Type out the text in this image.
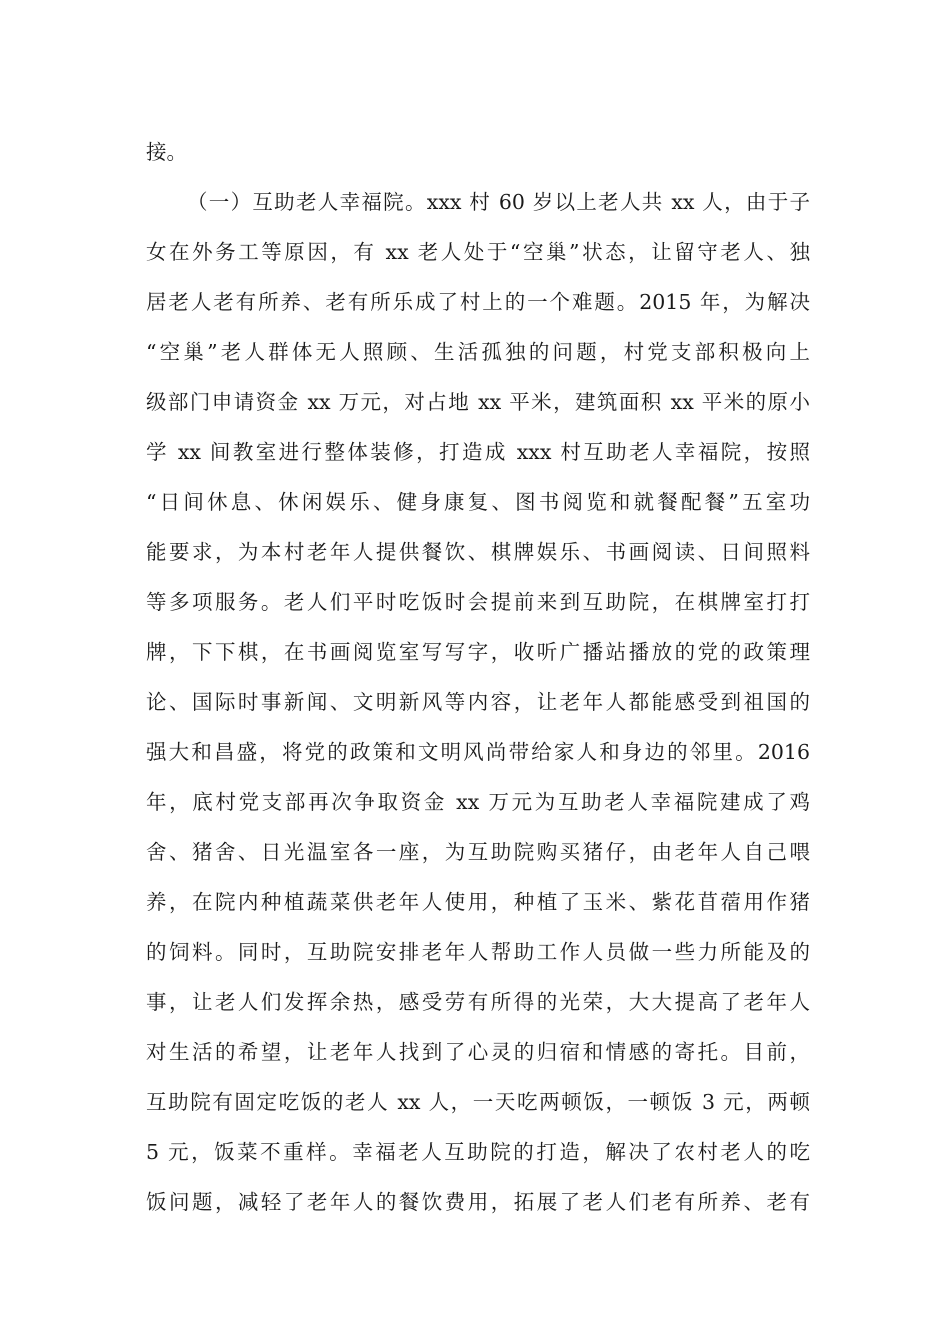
接。
（一）互助老人幸福院。xxx 村 60 岁以上老人共 xx 人，由于子
女在外务工等原因，有 xx 老人处于“空巢”状态，让留守老人、独
居老人老有所养、老有所乐成了村上的一个难题。2015 年，为解决
“空巢”老人群体无人照顾、生活孤独的问题，村党支部积极向上
级部门申请资金 xx 万元，对占地 xx 平米，建筑面积 xx 平米的原小
学 xx 间教室进行整体装修，打造成 xxx 村互助老人幸福院，按照
“日间休息、休闲娱乐、健身康复、图书阅览和就餐配餐”五室功
能要求，为本村老年人提供餐饮、棋牌娱乐、书画阅读、日间照料
等多项服务。老人们平时吃饭时会提前来到互助院，在棋牌室打打
牌，下下棋，在书画阅览室写写字，收听广播站播放的党的政策理
论、国际时事新闻、文明新风等内容，让老年人都能感受到祖国的
强大和昌盛，将党的政策和文明风尚带给家人和身边的邻里。2016
年，底村党支部再次争取资金 xx 万元为互助老人幸福院建成了鸡
舍、猪舍、日光温室各一座，为互助院购买猪仔，由老年人自己喂
养，在院内种植蔬菜供老年人使用，种植了玉米、紫花苜蓿用作猪
的饲料。同时，互助院安排老年人帮助工作人员做一些力所能及的
事，让老人们发挥余热，感受劳有所得的光荣，大大提高了老年人
对生活的希望，让老年人找到了心灵的归宿和情感的寄托。目前，
互助院有固定吃饭的老人 xx 人，一天吃两顿饭，一顿饭 3 元，两顿
5 元，饭菜不重样。幸福老人互助院的打造，解决了农村老人的吃
饭问题，减轻了老年人的餐饮费用，拓展了老人们老有所养、老有
